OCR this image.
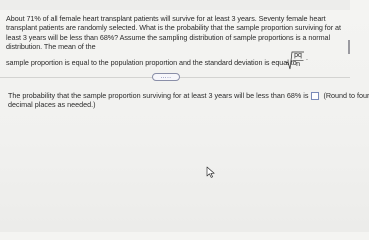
About 71% of all female heart transplant patients will survive for at least 3 years. Seventy female heart transplant patients are randomly selected. What is the probability that the sample proportion surviving for at least 3 years will be less than 68%? Assume the sampling distribution of sample proportions is a normal distribution. The mean of the

sample proportion is equal to the population proportion and the standard deviation is equal to
pq
n
.
.....
The probability that the sample proportion surviving for at least 3 years will be less than 68% is (Round to four
decimal places as needed.)
